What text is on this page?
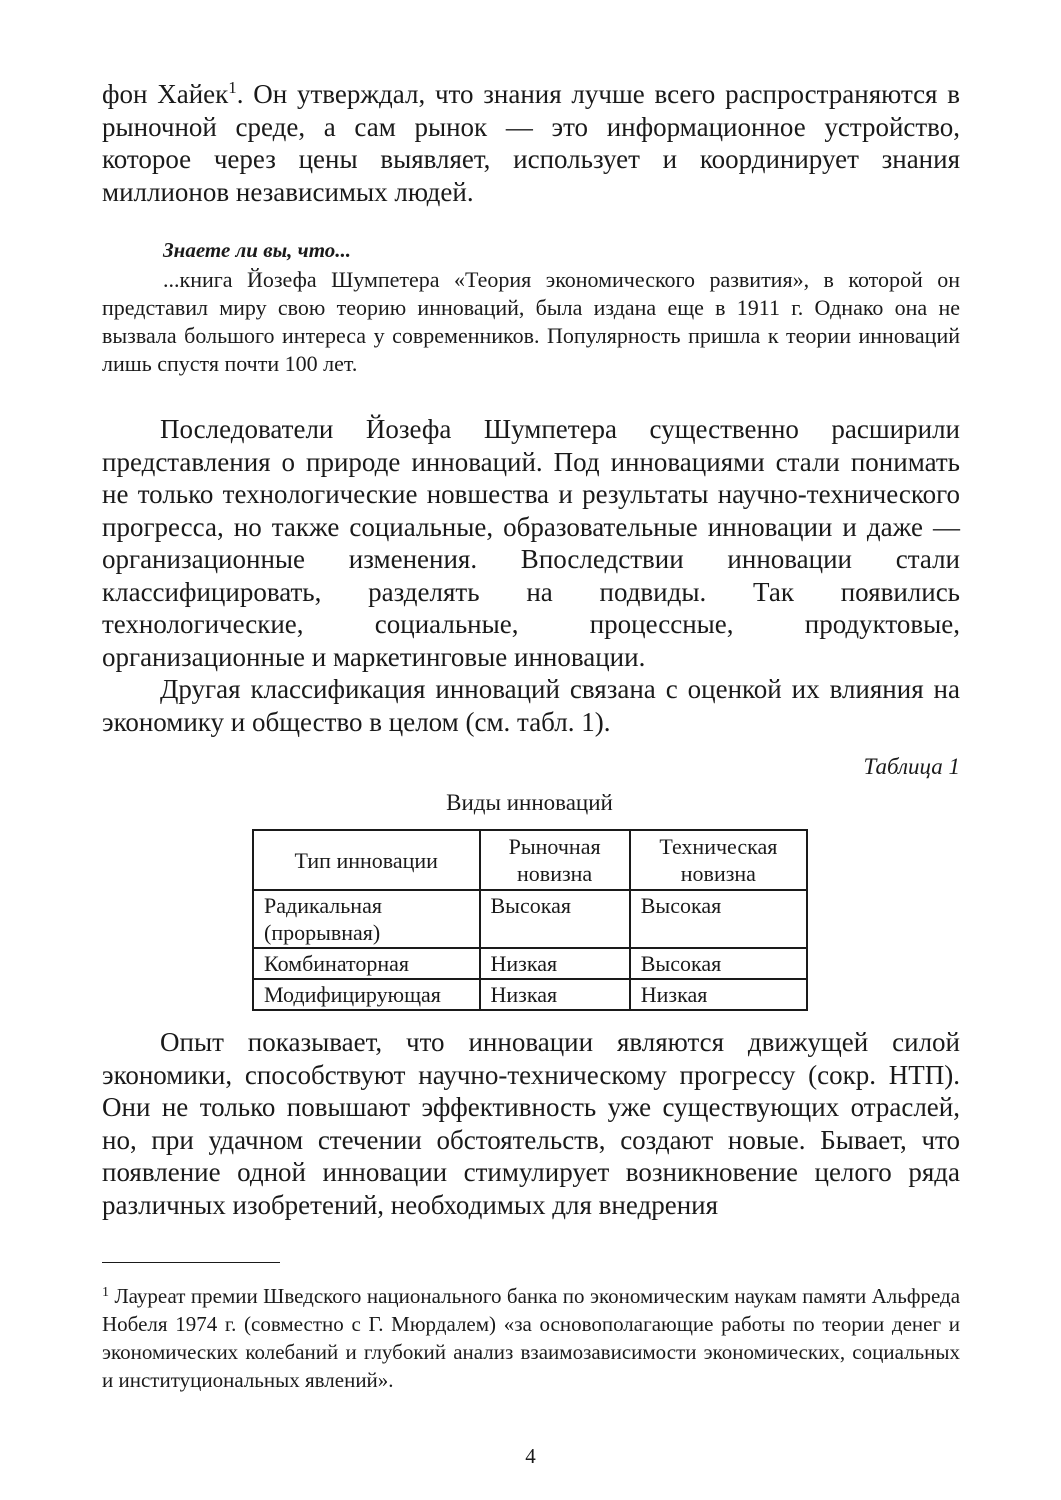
фон Хайек$^1$. Он утверждал, что знания лучше всего распространяются в рыночной среде, а сам рынок — это информационное устройство, которое через цены выявляет, использует и координирует знания миллионов независимых людей.

Знаете ли вы, что...

...книга Йозефа Шумпетера «Теория экономического развития», в которой он представил миру свою теорию инноваций, была издана еще в 1911 г. Однако она не вызвала большого интереса у современников. Популярность пришла к теории инноваций лишь спустя почти 100 лет.

Последователи Йозефа Шумпетера существенно расширили представления о природе инноваций. Под инновациями стали понимать не только технологические новшества и результаты научно-технического прогресса, но также социальные, образовательные инновации и даже — организационные изменения. Впоследствии инновации стали классифицировать, разделять на подвиды. Так появились технологические, социальные, процессные, продуктовые, организационные и маркетинговые инновации.

Другая классификация инноваций связана с оценкой их влияния на экономику и общество в целом (см. табл. 1).

Таблица 1

Виды инноваций

Тип инновации	Рыночная новизна	Техническая новизна
Радикальная (прорывная)	Высокая	Высокая
Комбинаторная	Низкая	Высокая
Модифицирующая	Низкая	Низкая

Опыт показывает, что инновации являются движущей силой экономики, способствуют научно-техническому прогрессу (сокр. НТП). Они не только повышают эффективность уже существующих отраслей, но, при удачном стечении обстоятельств, создают новые. Бывает, что появление одной инновации стимулирует возникновение целого ряда различных изобретений, необходимых для внедрения

$^1$ Лауреат премии Шведского национального банка по экономическим наукам памяти Альфреда Нобеля 1974 г. (совместно с Г. Мюрдалем) «за основополагающие работы по теории денег и экономических колебаний и глубокий анализ взаимозависимости экономических, социальных и институциональных явлений».

4
